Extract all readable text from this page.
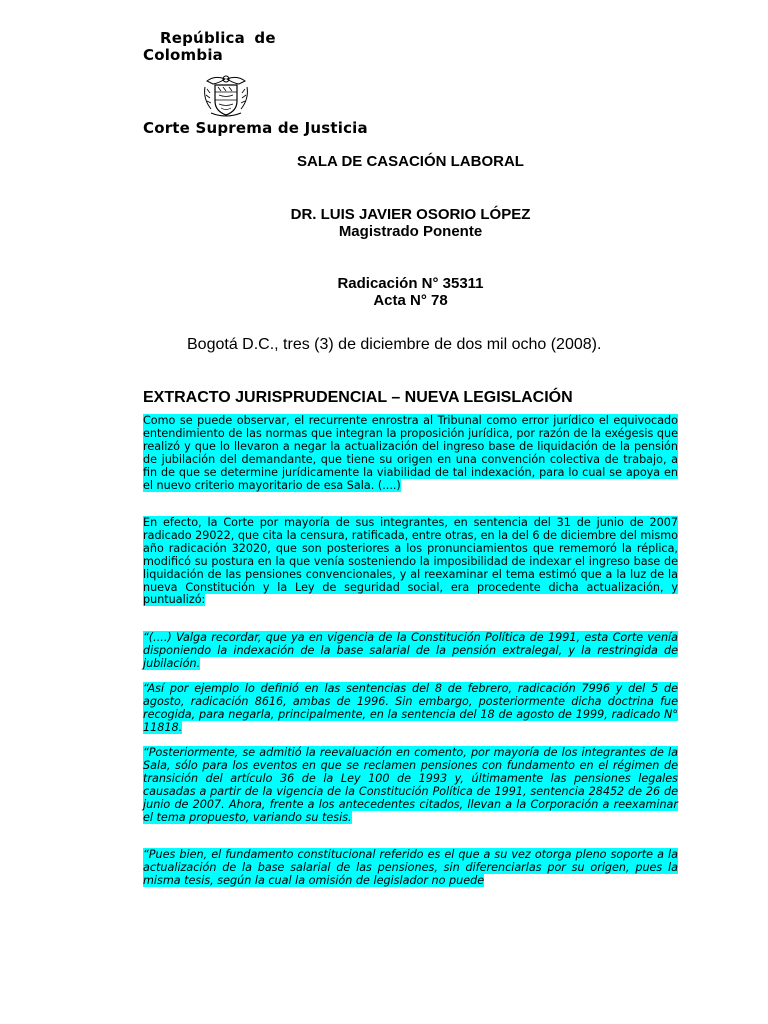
República de
Colombia
Corte Suprema de Justicia
SALA DE CASACIÓN LABORAL
DR. LUIS JAVIER OSORIO LÓPEZ
Magistrado Ponente
Radicación N° 35311
Acta N° 78
Bogotá D.C., tres (3) de diciembre de dos mil ocho (2008).
EXTRACTO JURISPRUDENCIAL – NUEVA LEGISLACIÓN

Como se puede observar, el recurrente enrostra al Tribunal como error jurídico el equivocado entendimiento de las normas que integran la proposición jurídica, por razón de la exégesis que realizó y que lo llevaron a negar la actualización del ingreso base de liquidación de la pensión de jubilación del demandante, que tiene su origen en una convención colectiva de trabajo, a fin de que se determine jurídicamente la viabilidad de tal indexación, para lo cual se apoya en el nuevo criterio mayoritario de esa Sala. (....)

En efecto, la Corte por mayoría de sus integrantes, en sentencia del 31 de junio de 2007 radicado 29022, que cita la censura, ratificada, entre otras, en la del 6 de diciembre del mismo año radicación 32020, que son posteriores a los pronunciamientos que rememoró la réplica, modificó su postura en la que venía sosteniendo la imposibilidad de indexar el ingreso base de liquidación de las pensiones convencionales, y al reexaminar el tema estimó que a la luz de la nueva Constitución y la Ley de seguridad social, era procedente dicha actualización, y puntualizó:

“(....) Valga recordar, que ya en vigencia de la Constitución Política de 1991, esta Corte venía disponiendo la indexación de la base salarial de la pensión extralegal, y la restringida de jubilación.

“Así por ejemplo lo definió en las sentencias del 8 de febrero, radicación 7996 y del 5 de agosto, radicación 8616, ambas de 1996. Sin embargo, posteriormente dicha doctrina fue recogida, para negarla, principalmente, en la sentencia del 18 de agosto de 1999, radicado N° 11818.

“Posteriormente, se admitió la reevaluación en comento, por mayoría de los integrantes de la Sala, sólo para los eventos en que se reclamen pensiones con fundamento en el régimen de transición del artículo 36 de la Ley 100 de 1993 y, últimamente las pensiones legales causadas a partir de la vigencia de la Constitución Política de 1991, sentencia 28452 de 26 de junio de 2007. Ahora, frente a los antecedentes citados, llevan a la Corporación a reexaminar el tema propuesto, variando su tesis.

“Pues bien, el fundamento constitucional referido es el que a su vez otorga pleno soporte a la actualización de la base salarial de las pensiones, sin diferenciarlas por su origen, pues la misma tesis, según la cual la omisión de legislador no puede
